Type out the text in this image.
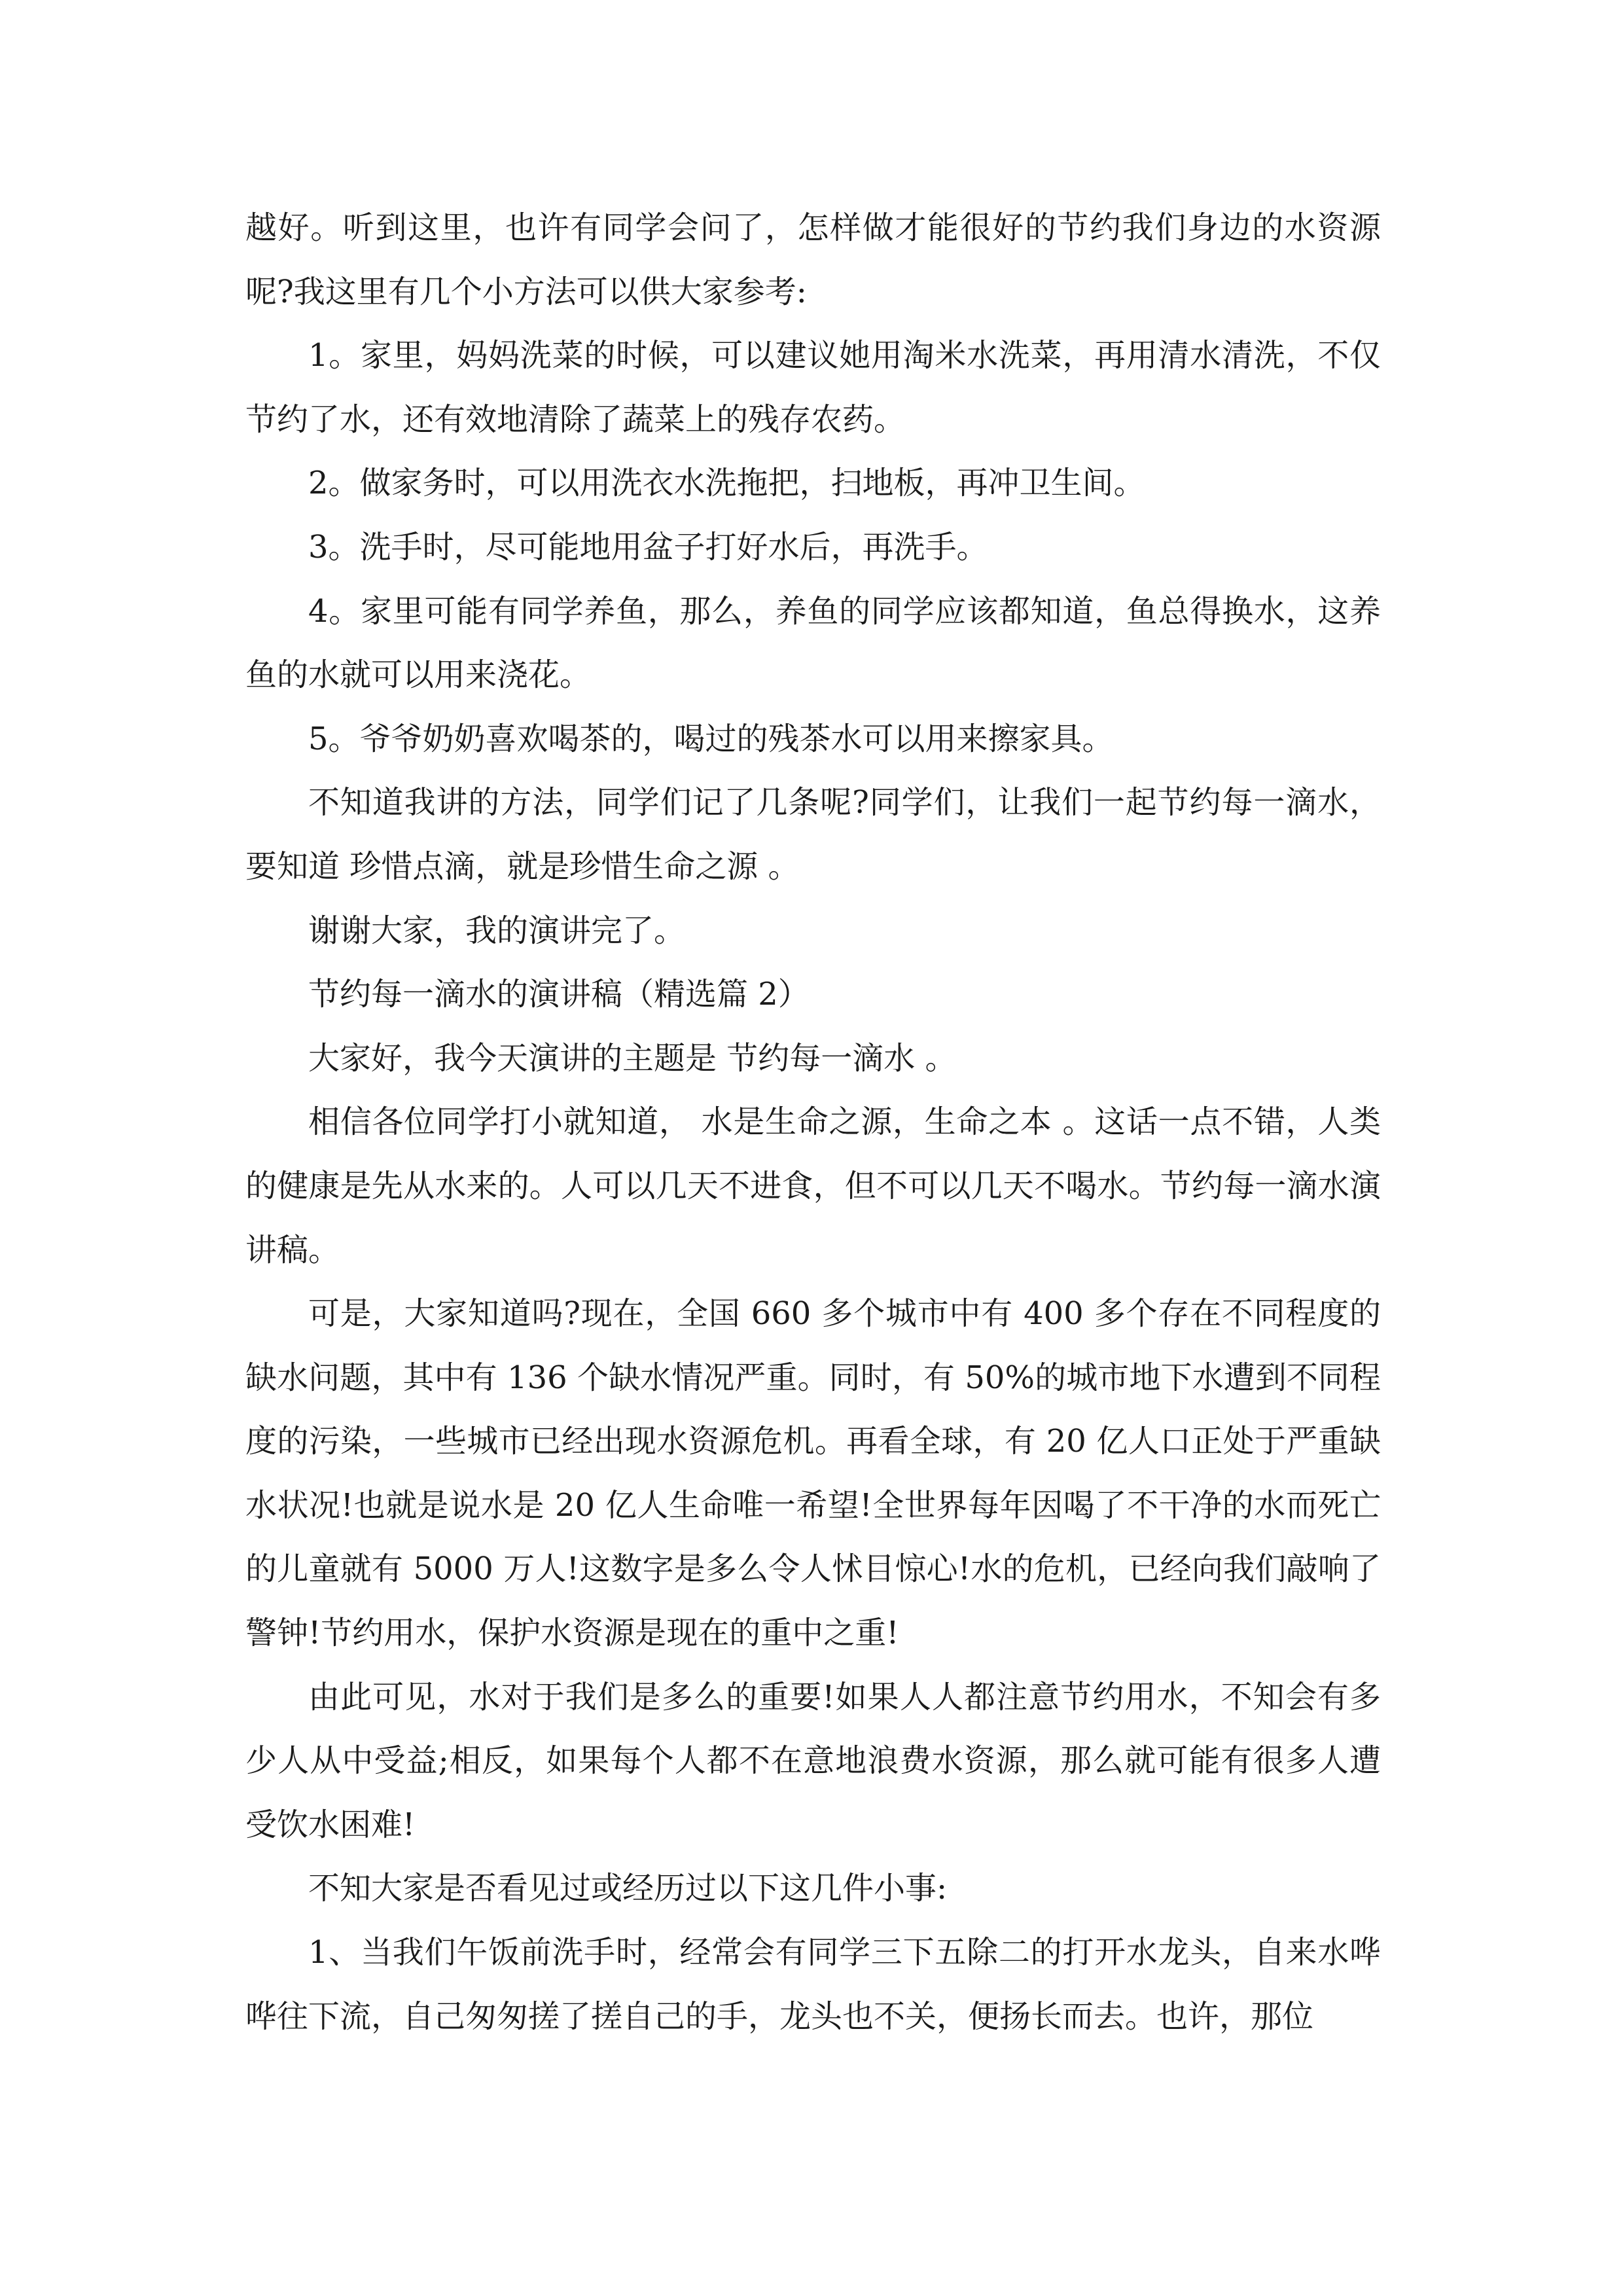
越好。听到这里，也许有同学会问了，怎样做才能很好的节约我们身边的水资源呢?我这里有几个小方法可以供大家参考:

1。家里，妈妈洗菜的时候，可以建议她用淘米水洗菜，再用清水清洗，不仅节约了水，还有效地清除了蔬菜上的残存农药。

2。做家务时，可以用洗衣水洗拖把，扫地板，再冲卫生间。

3。洗手时，尽可能地用盆子打好水后，再洗手。

4。家里可能有同学养鱼，那么，养鱼的同学应该都知道，鱼总得换水，这养鱼的水就可以用来浇花。

5。爷爷奶奶喜欢喝茶的，喝过的残茶水可以用来擦家具。

不知道我讲的方法，同学们记了几条呢?同学们，让我们一起节约每一滴水，要知道 珍惜点滴，就是珍惜生命之源 。

谢谢大家，我的演讲完了。

节约每一滴水的演讲稿（精选篇 2）

大家好，我今天演讲的主题是 节约每一滴水 。

相信各位同学打小就知道， 水是生命之源，生命之本 。这话一点不错，人类的健康是先从水来的。人可以几天不进食，但不可以几天不喝水。节约每一滴水演讲稿。

可是，大家知道吗?现在，全国 660 多个城市中有 400 多个存在不同程度的缺水问题，其中有 136 个缺水情况严重。同时，有 50%的城市地下水遭到不同程度的污染，一些城市已经出现水资源危机。再看全球，有 20 亿人口正处于严重缺水状况!也就是说水是 20 亿人生命唯一希望!全世界每年因喝了不干净的水而死亡的儿童就有 5000 万人!这数字是多么令人怵目惊心!水的危机，已经向我们敲响了警钟!节约用水，保护水资源是现在的重中之重!

由此可见，水对于我们是多么的重要!如果人人都注意节约用水，不知会有多少人从中受益;相反，如果每个人都不在意地浪费水资源，那么就可能有很多人遭受饮水困难!

不知大家是否看见过或经历过以下这几件小事:

1、当我们午饭前洗手时，经常会有同学三下五除二的打开水龙头，自来水哗哗往下流，自己匆匆搓了搓自己的手，龙头也不关，便扬长而去。也许，那位
